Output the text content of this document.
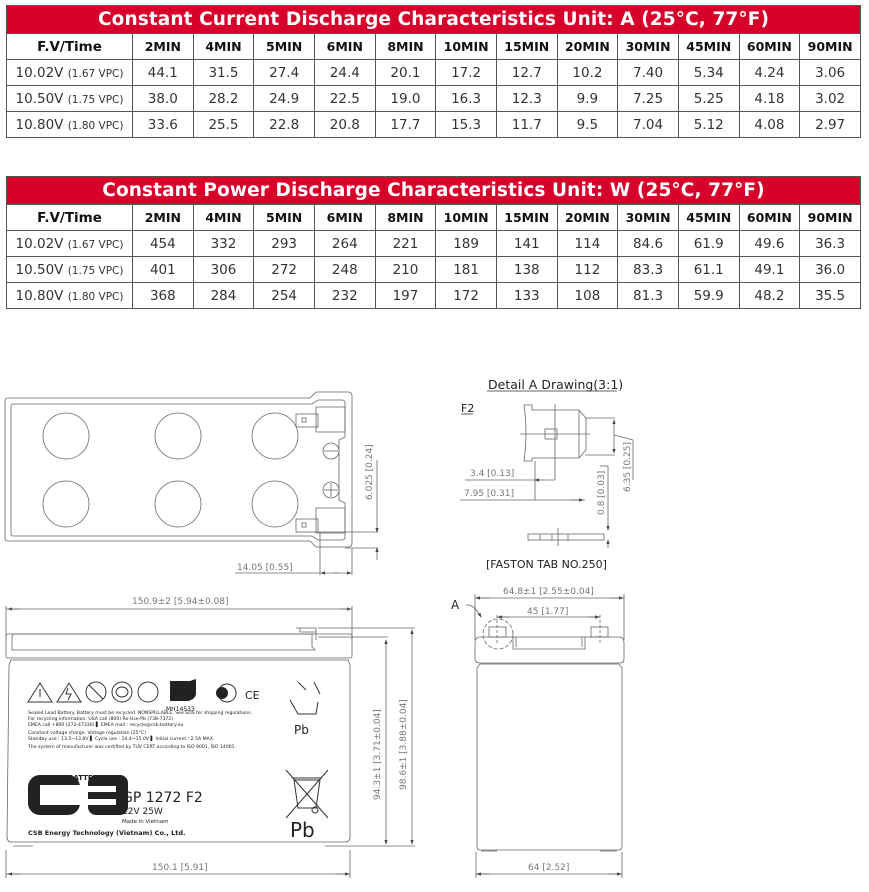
Constant Current Discharge Characteristics Unit: A (25°C, 77°F)												
F.V/Time	2MIN	4MIN	5MIN	6MIN	8MIN	10MIN	15MIN	20MIN	30MIN	45MIN	60MIN	90MIN
10.02V (1.67 VPC)	44.1	31.5	27.4	24.4	20.1	17.2	12.7	10.2	7.40	5.34	4.24	3.06
10.50V (1.75 VPC)	38.0	28.2	24.9	22.5	19.0	16.3	12.3	9.9	7.25	5.25	4.18	3.02
10.80V (1.80 VPC)	33.6	25.5	22.8	20.8	17.7	15.3	11.7	9.5	7.04	5.12	4.08	2.97
Constant Power Discharge Characteristics Unit: W (25°C, 77°F)												
F.V/Time	2MIN	4MIN	5MIN	6MIN	8MIN	10MIN	15MIN	20MIN	30MIN	45MIN	60MIN	90MIN
10.02V (1.67 VPC)	454	332	293	264	221	189	141	114	84.6	61.9	49.6	36.3
10.50V (1.75 VPC)	401	306	272	248	210	181	138	112	83.3	61.1	49.1	36.0
10.80V (1.80 VPC)	368	284	254	232	197	172	133	108	81.3	59.9	48.2	35.5
6.025 [0.24]
14.05 [0.55]
Detail A Drawing(3:1)
F2
3.4 [0.13]
7.95 [0.31]	0.8 [0.03]
6.35 [0.25]
[FASTON TAB NO.250]
150.9±2 [5.94±0.08]
150.1 [5.91]
94.3±1 [3.71±0.04] 98.6±1 [3.88±0.04]
A
64.8±1 [2.55±0.04]
45 [1.77]
64 [2.52]
MH14533
5 CE
Sealed Lead Battery. Battery must be recycled. NONSPILLABLE. See SDS for shipping regulations.
For recycling information: USA call (800) Re-Use-Pb (738-7372)
EMEA call +800 (272-47336) ▌ EMEA mail : recycle@csb-battery.eu
Constant voltage charge. Voltage regulation (25°C)
Standby use : 13.5~13.8V ▌ Cycle use : 14.4~15.0V ▌ Initial current : 2.5A MAX.
The system of manufacturer was certified by TUV CERT according to ISO 9001, ISO 14001.
Pb
BATTERY
GP 1272 F2
12V 25W
Made in Vietnam
CSB Energy Technology (Vietnam) Co., Ltd.	Pb
